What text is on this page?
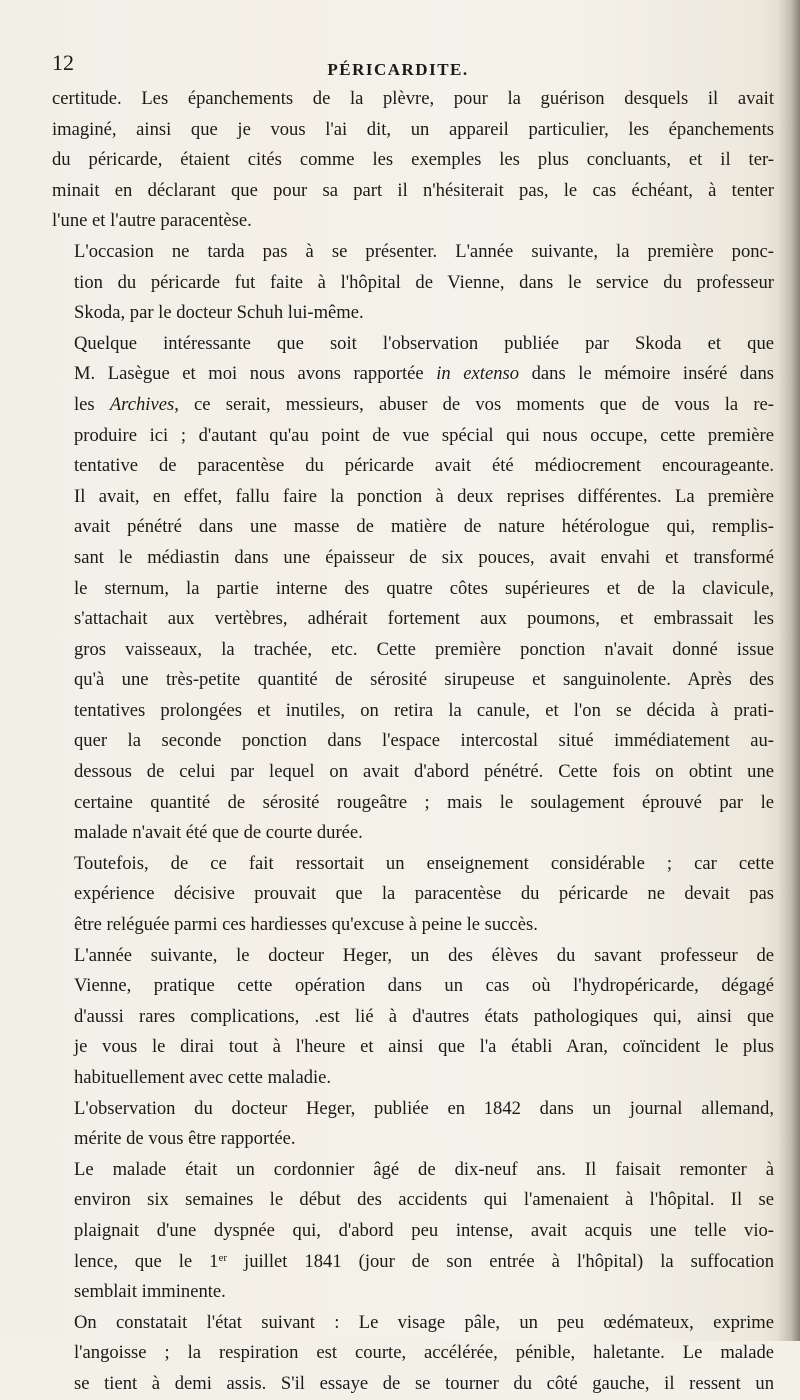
12	PÉRICARDITE.
certitude. Les épanchements de la plèvre, pour la guérison desquels il avait
imaginé, ainsi que je vous l'ai dit, un appareil particulier, les épanchements
du péricarde, étaient cités comme les exemples les plus concluants, et il ter-
minait en déclarant que pour sa part il n'hésiterait pas, le cas échéant, à tenter
l'une et l'autre paracentèse.
L'occasion ne tarda pas à se présenter. L'année suivante, la première ponc-
tion du péricarde fut faite à l'hôpital de Vienne, dans le service du professeur
Skoda, par le docteur Schuh lui-même.
Quelque intéressante que soit l'observation publiée par Skoda et que
M. Lasègue et moi nous avons rapportée in extenso dans le mémoire inséré dans
les Archives, ce serait, messieurs, abuser de vos moments que de vous la re-
produire ici ; d'autant qu'au point de vue spécial qui nous occupe, cette première
tentative de paracentèse du péricarde avait été médiocrement encourageante.
Il avait, en effet, fallu faire la ponction à deux reprises différentes. La première
avait pénétré dans une masse de matière de nature hétérologue qui, remplis-
sant le médiastin dans une épaisseur de six pouces, avait envahi et transformé
le sternum, la partie interne des quatre côtes supérieures et de la clavicule,
s'attachait aux vertèbres, adhérait fortement aux poumons, et embrassait les
gros vaisseaux, la trachée, etc. Cette première ponction n'avait donné issue
qu'à une très-petite quantité de sérosité sirupeuse et sanguinolente. Après des
tentatives prolongées et inutiles, on retira la canule, et l'on se décida à prati-
quer la seconde ponction dans l'espace intercostal situé immédiatement au-
dessous de celui par lequel on avait d'abord pénétré. Cette fois on obtint une
certaine quantité de sérosité rougeâtre ; mais le soulagement éprouvé par le
malade n'avait été que de courte durée.
Toutefois, de ce fait ressortait un enseignement considérable ; car cette
expérience décisive prouvait que la paracentèse du péricarde ne devait pas
être reléguée parmi ces hardiesses qu'excuse à peine le succès.
L'année suivante, le docteur Heger, un des élèves du savant professeur de
Vienne, pratique cette opération dans un cas où l'hydropéricarde, dégagé
d'aussi rares complications, .est lié à d'autres états pathologiques qui, ainsi que
je vous le dirai tout à l'heure et ainsi que l'a établi Aran, coïncident le plus
habituellement avec cette maladie.
L'observation du docteur Heger, publiée en 1842 dans un journal allemand,
mérite de vous être rapportée.
Le malade était un cordonnier âgé de dix-neuf ans. Il faisait remonter à
environ six semaines le début des accidents qui l'amenaient à l'hôpital. Il se
plaignait d'une dyspnée qui, d'abord peu intense, avait acquis une telle vio-
lence, que le 1er juillet 1841 (jour de son entrée à l'hôpital) la suffocation
semblait imminente.
On constatait l'état suivant : Le visage pâle, un peu œdémateux, exprime
l'angoisse ; la respiration est courte, accélérée, pénible, haletante. Le malade
se tient à demi assis. S'il essaye de se tourner du côté gauche, il ressent un
